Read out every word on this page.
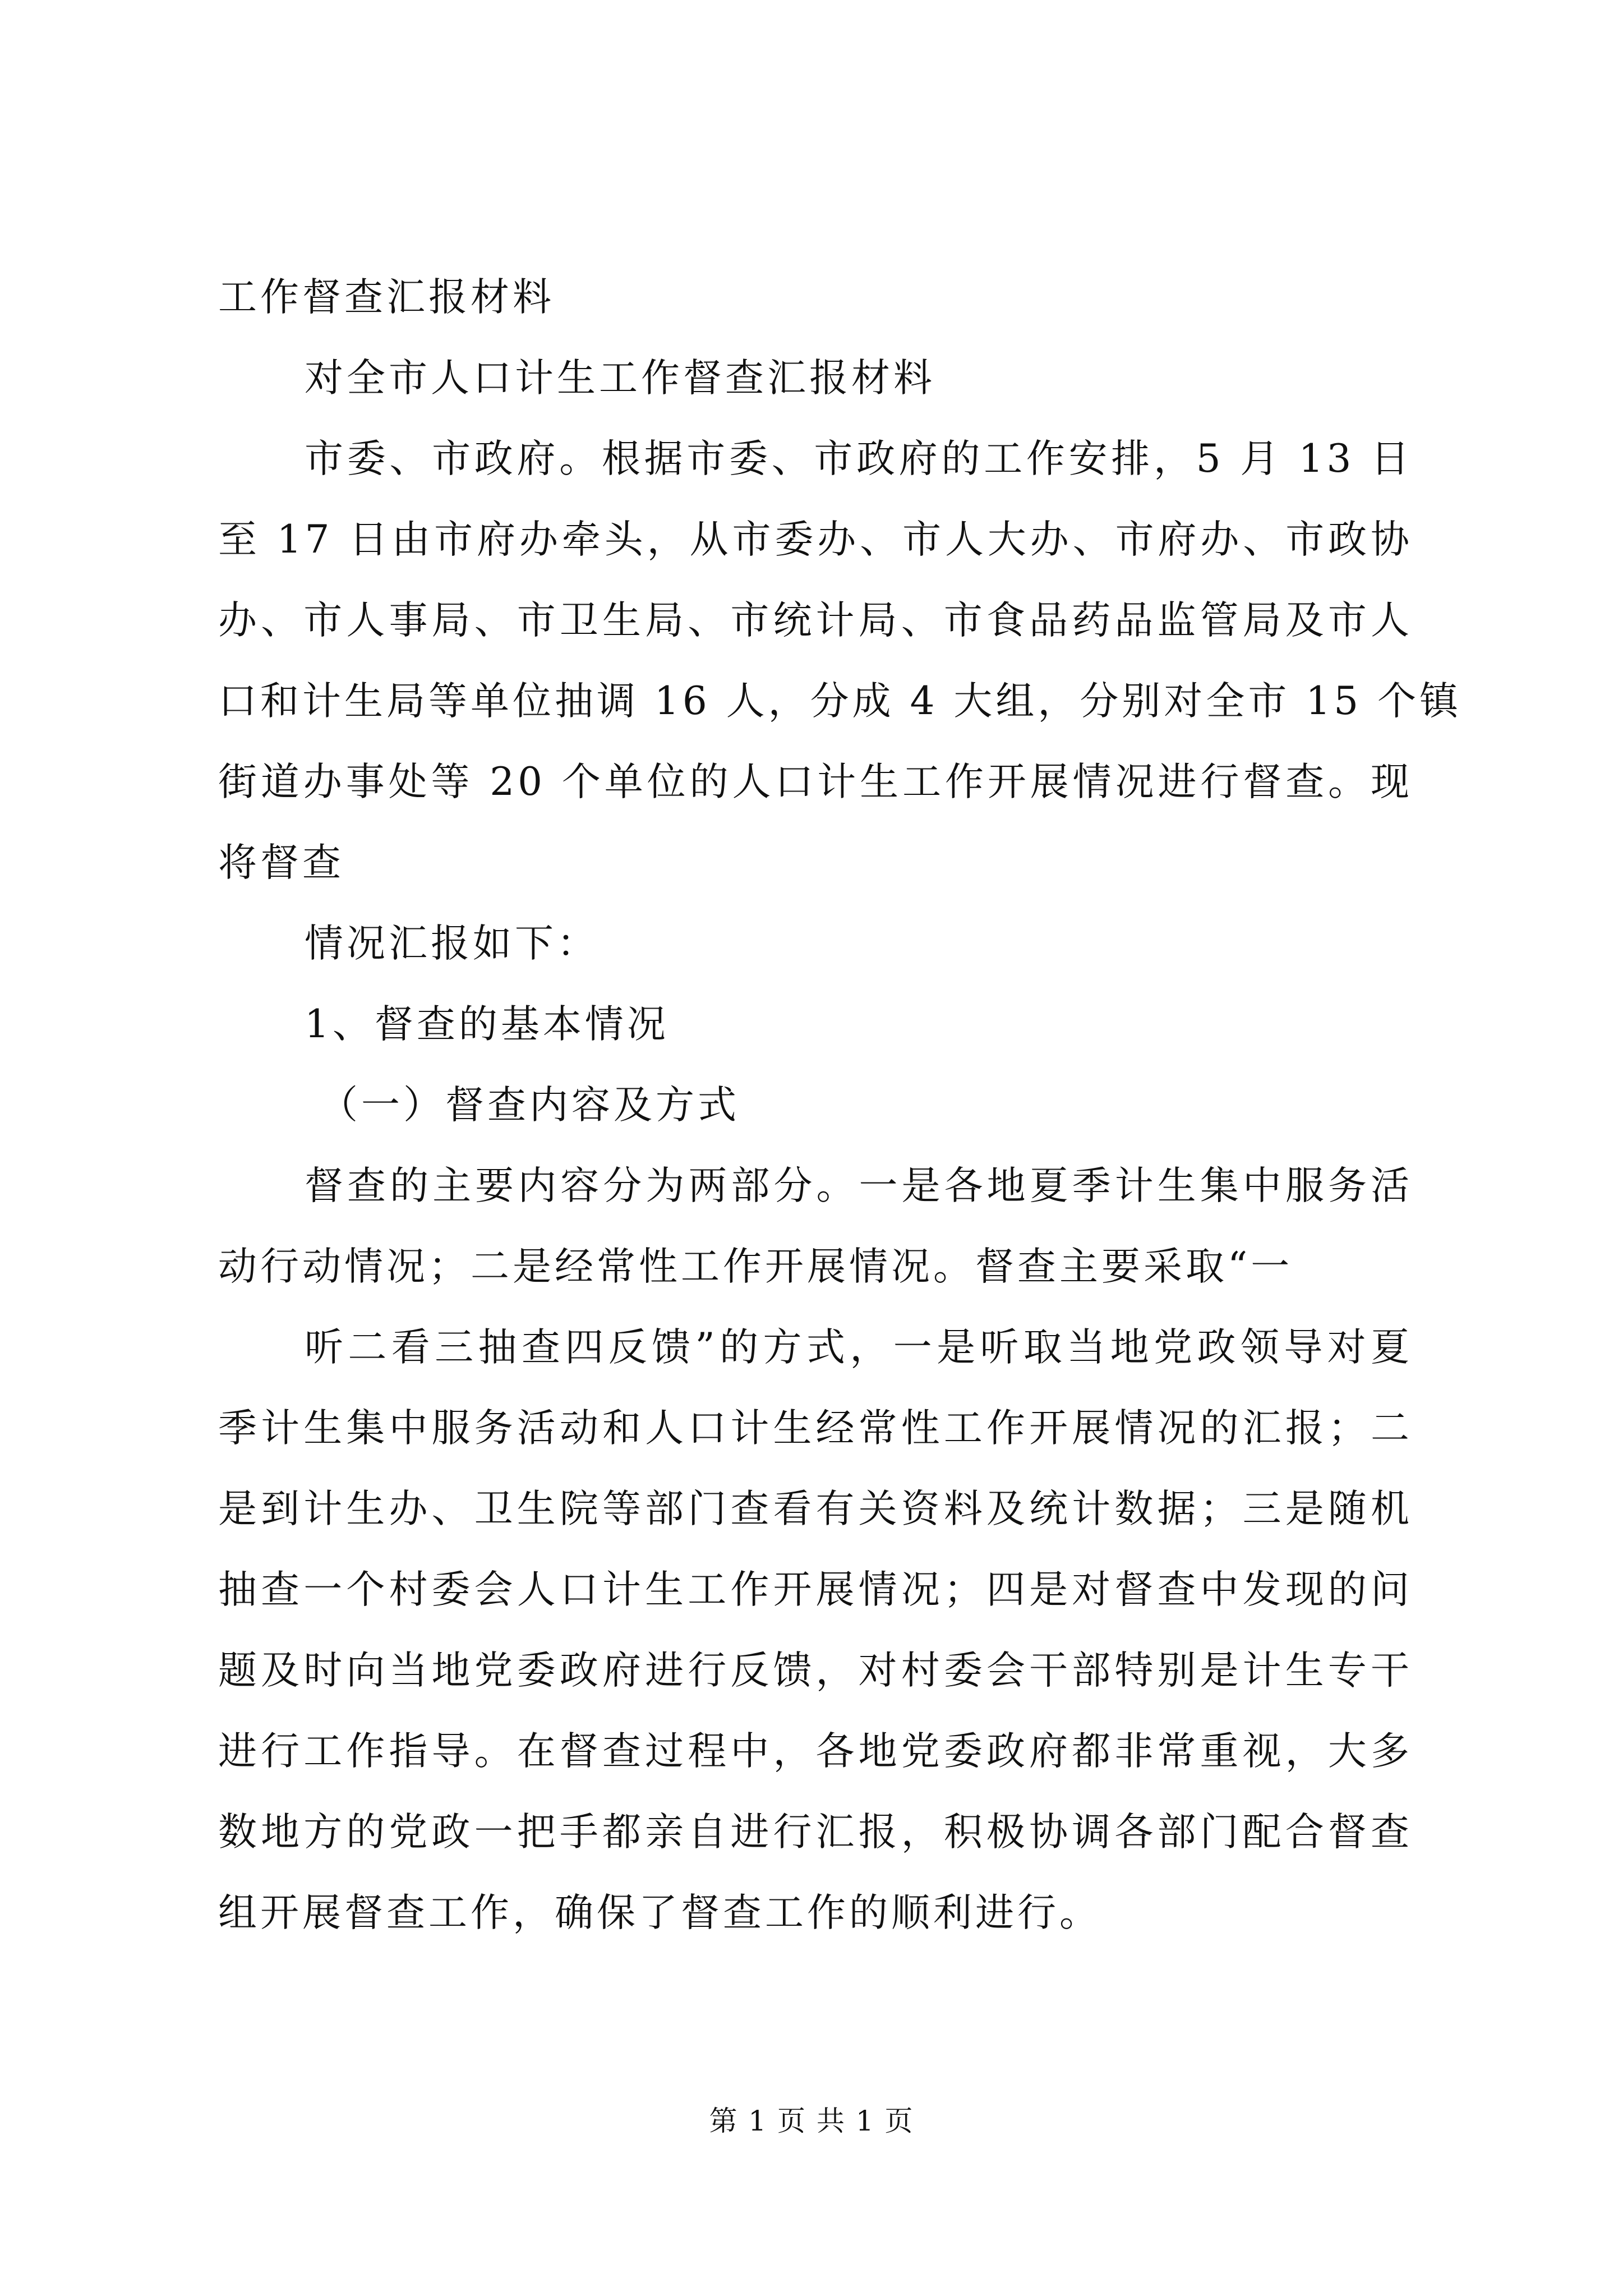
工作督查汇报材料
对全市人口计生工作督查汇报材料
市委、市政府。根据市委、市政府的工作安排，5 月 13 日
至 17 日由市府办牵头，从市委办、市人大办、市府办、市政协
办、市人事局、市卫生局、市统计局、市食品药品监管局及市人
口和计生局等单位抽调 16 人，分成 4 大组，分别对全市 15 个镇
街道办事处等 20 个单位的人口计生工作开展情况进行督查。现
将督查
情况汇报如下：
1、督查的基本情况
（一）督查内容及方式
督查的主要内容分为两部分。一是各地夏季计生集中服务活
动行动情况；二是经常性工作开展情况。督查主要采取“一
听二看三抽查四反馈”的方式，一是听取当地党政领导对夏
季计生集中服务活动和人口计生经常性工作开展情况的汇报；二
是到计生办、卫生院等部门查看有关资料及统计数据；三是随机
抽查一个村委会人口计生工作开展情况；四是对督查中发现的问
题及时向当地党委政府进行反馈，对村委会干部特别是计生专干
进行工作指导。在督查过程中，各地党委政府都非常重视，大多
数地方的党政一把手都亲自进行汇报，积极协调各部门配合督查
组开展督查工作，确保了督查工作的顺利进行。
第 1 页 共 1 页
